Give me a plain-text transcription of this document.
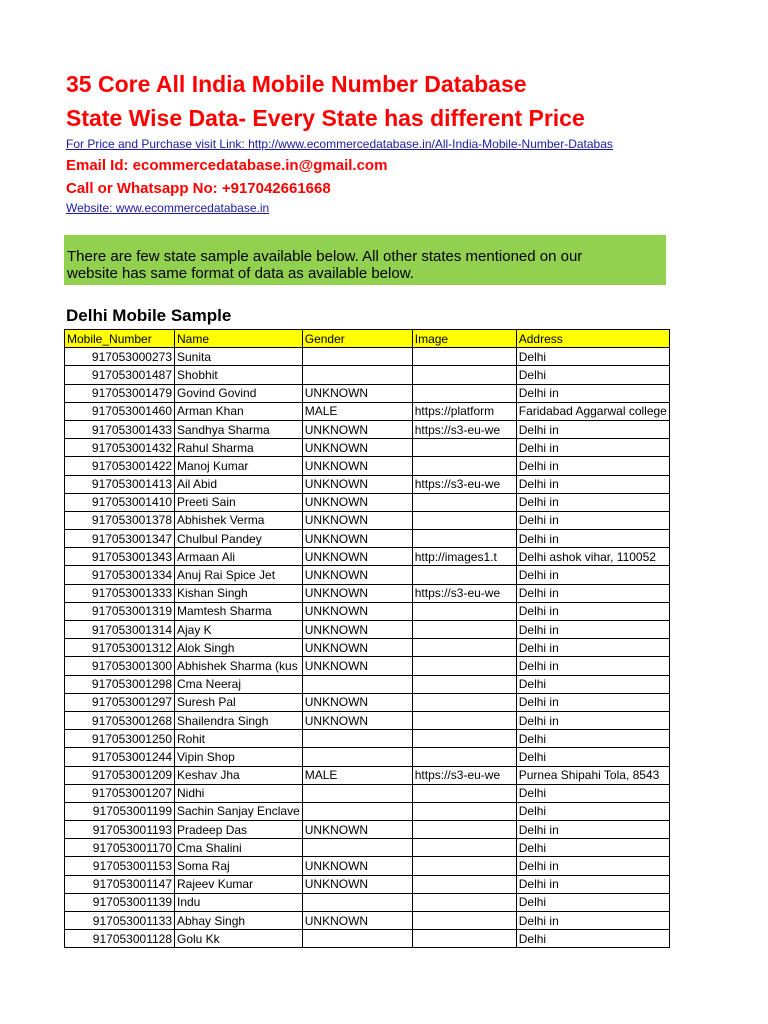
35 Core All India Mobile Number Database
State Wise Data- Every State has different Price
For Price and Purchase visit Link: http://www.ecommercedatabase.in/All-India-Mobile-Number-Databas
Email Id: ecommercedatabase.in@gmail.com
Call or Whatsapp No: +917042661668
Website: www.ecommercedatabase.in
There are few state sample available below. All other states mentioned on our
website has same format of data as available below.
Delhi Mobile Sample
Mobile_Number	Name	Gender	Image	Address
917053000273	Sunita			Delhi
917053001487	Shobhit			Delhi
917053001479	Govind Govind	UNKNOWN		Delhi in
917053001460	Arman Khan	MALE	https://platform	Faridabad Aggarwal college
917053001433	Sandhya Sharma	UNKNOWN	https://s3-eu-we	Delhi in
917053001432	Rahul Sharma	UNKNOWN		Delhi in
917053001422	Manoj Kumar	UNKNOWN		Delhi in
917053001413	Ail Abid	UNKNOWN	https://s3-eu-we	Delhi in
917053001410	Preeti Sain	UNKNOWN		Delhi in
917053001378	Abhishek Verma	UNKNOWN		Delhi in
917053001347	Chulbul Pandey	UNKNOWN		Delhi in
917053001343	Armaan Ali	UNKNOWN	http://images1.t	Delhi ashok vihar, 110052
917053001334	Anuj Rai Spice Jet	UNKNOWN		Delhi in
917053001333	Kishan Singh	UNKNOWN	https://s3-eu-we	Delhi in
917053001319	Mamtesh Sharma	UNKNOWN		Delhi in
917053001314	Ajay K	UNKNOWN		Delhi in
917053001312	Alok Singh	UNKNOWN		Delhi in
917053001300	Abhishek Sharma (kus	UNKNOWN		Delhi in
917053001298	Cma Neeraj			Delhi
917053001297	Suresh Pal	UNKNOWN		Delhi in
917053001268	Shailendra Singh	UNKNOWN		Delhi in
917053001250	Rohit			Delhi
917053001244	Vipin Shop			Delhi
917053001209	Keshav Jha	MALE	https://s3-eu-we	Purnea Shipahi Tola, 8543
917053001207	Nidhi			Delhi
917053001199	Sachin Sanjay Enclave			Delhi
917053001193	Pradeep Das	UNKNOWN		Delhi in
917053001170	Cma Shalini			Delhi
917053001153	Soma Raj	UNKNOWN		Delhi in
917053001147	Rajeev Kumar	UNKNOWN		Delhi in
917053001139	Indu			Delhi
917053001133	Abhay Singh	UNKNOWN		Delhi in
917053001128	Golu Kk			Delhi
